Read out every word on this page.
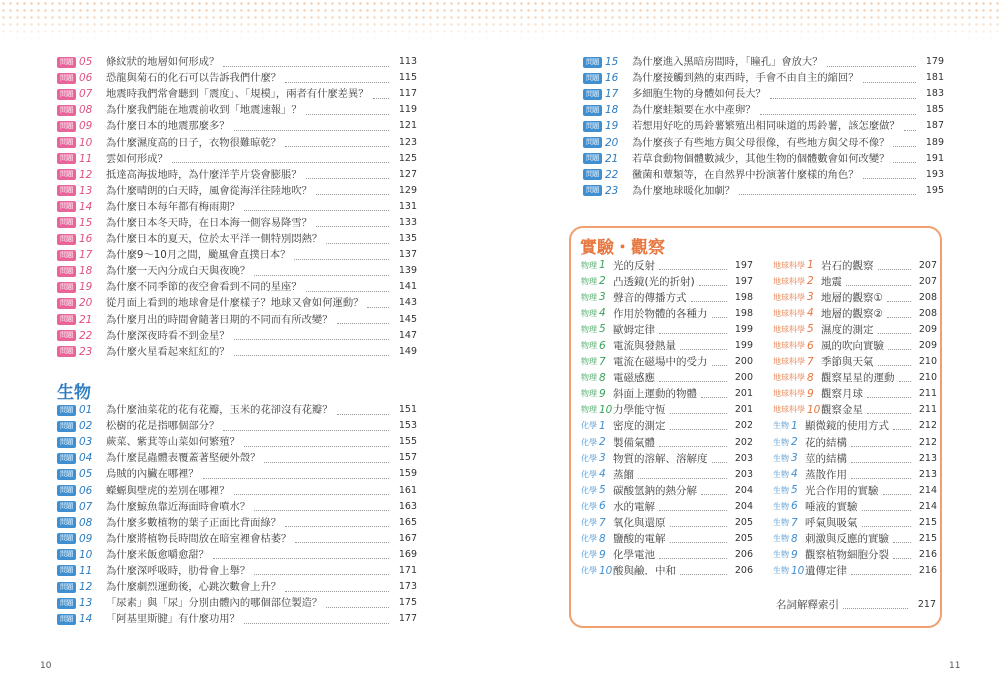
問題 05	條紋狀的地層如何形成？	113
問題 06	恐龍與菊石的化石可以告訴我們什麼？	115
問題 07	地震時我們常會聽到「震度」、「規模」，兩者有什麼差異？	117
問題 08	為什麼我們能在地震前收到「地震速報」？	119
問題 09	為什麼日本的地震那麼多？	121
問題 10	為什麼濕度高的日子，衣物很難晾乾？	123
問題 11	雲如何形成？	125
問題 12	抵達高海拔地時，為什麼洋芋片袋會膨脹？	127
問題 13	為什麼晴朗的白天時，風會從海洋往陸地吹？	129
問題 14	為什麼日本每年都有梅雨期？	131
問題 15	為什麼日本冬天時，在日本海一側容易降雪？	133
問題 16	為什麼日本的夏天，位於太平洋一側特別悶熱？	135
問題 17	為什麼9～10月之間，颱風會直撲日本？	137
問題 18	為什麼一天內分成白天與夜晚？	139
問題 19	為什麼不同季節的夜空會看到不同的星座？	141
問題 20	從月面上看到的地球會是什麼樣子？地球又會如何運動？	143
問題 21	為什麼月出的時間會隨著日期的不同而有所改變？	145
問題 22	為什麼深夜時看不到金星？	147
問題 23	為什麼火星看起來紅紅的？	149
生物
問題 01	為什麼油菜花的花有花瓣，玉米的花卻沒有花瓣？	151
問題 02	松樹的花是指哪個部分？	153
問題 03	蕨菜、紫萁等山菜如何繁殖？	155
問題 04	為什麼昆蟲體表覆蓋著堅硬外殼？	157
問題 05	烏賊的內臟在哪裡？	159
問題 06	蠑螈與壁虎的差別在哪裡？	161
問題 07	為什麼鯨魚靠近海面時會噴水？	163
問題 08	為什麼多數植物的葉子正面比背面綠？	165
問題 09	為什麼將植物長時間放在暗室裡會枯萎？	167
問題 10	為什麼米飯愈嚼愈甜？	169
問題 11	為什麼深呼吸時，肋骨會上舉？	171
問題 12	為什麼劇烈運動後，心跳次數會上升？	173
問題 13	「尿素」與「尿」分別由體內的哪個部位製造？	175
問題 14	「阿基里斯腱」有什麼功用？	177
問題 15	為什麼進入黑暗房間時，「瞳孔」會放大？	179
問題 16	為什麼接觸到熱的東西時，手會不由自主的縮回？	181
問題 17	多細胞生物的身體如何長大？	183
問題 18	為什麼蛙類要在水中產卵？	185
問題 19	若想用好吃的馬鈴薯繁殖出相同味道的馬鈴薯，該怎麼做？	187
問題 20	為什麼孩子有些地方與父母很像，有些地方與父母不像？	189
問題 21	若草食動物個體數減少，其他生物的個體數會如何改變？	191
問題 22	黴菌和蕈類等，在自然界中扮演著什麼樣的角色？	193
問題 23	為什麼地球暖化加劇？	195
實驗・觀察
物理 1 光的反射	197
物理 2 凸透鏡(光的折射)	197
物理 3 聲音的傳播方式	198
物理 4 作用於物體的各種力	198
物理 5 歐姆定律	199
物理 6 電流與發熱量	199
物理 7 電流在磁場中的受力	200
物理 8 電磁感應	200
物理 9 斜面上運動的物體	201
物理 10 力學能守恆	201
化學 1 密度的測定	202
化學 2 製備氣體	202
化學 3 物質的溶解、溶解度	203
化學 4 蒸餾	203
化學 5 碳酸氫鈉的熱分解	204
化學 6 水的電解	204
化學 7 氧化與還原	205
化學 8 鹽酸的電解	205
化學 9 化學電池	206
化學 10 酸與鹼．中和	206
地球科學 1 岩石的觀察	207
地球科學 2 地震	207
地球科學 3 地層的觀察①	208
地球科學 4 地層的觀察②	208
地球科學 5 濕度的測定	209
地球科學 6 風的吹向實驗	209
地球科學 7 季節與天氣	210
地球科學 8 觀察星星的運動	210
地球科學 9 觀察月球	211
地球科學 10 觀察金星	211
生物 1 顯微鏡的使用方式	212
生物 2 花的結構	212
生物 3 莖的結構	213
生物 4 蒸散作用	213
生物 5 光合作用的實驗	214
生物 6 唾液的實驗	214
生物 7 呼氣與吸氣	215
生物 8 刺激與反應的實驗	215
生物 9 觀察植物細胞分裂	216
生物 10 遺傳定律	216
名詞解釋索引	217
10	11
